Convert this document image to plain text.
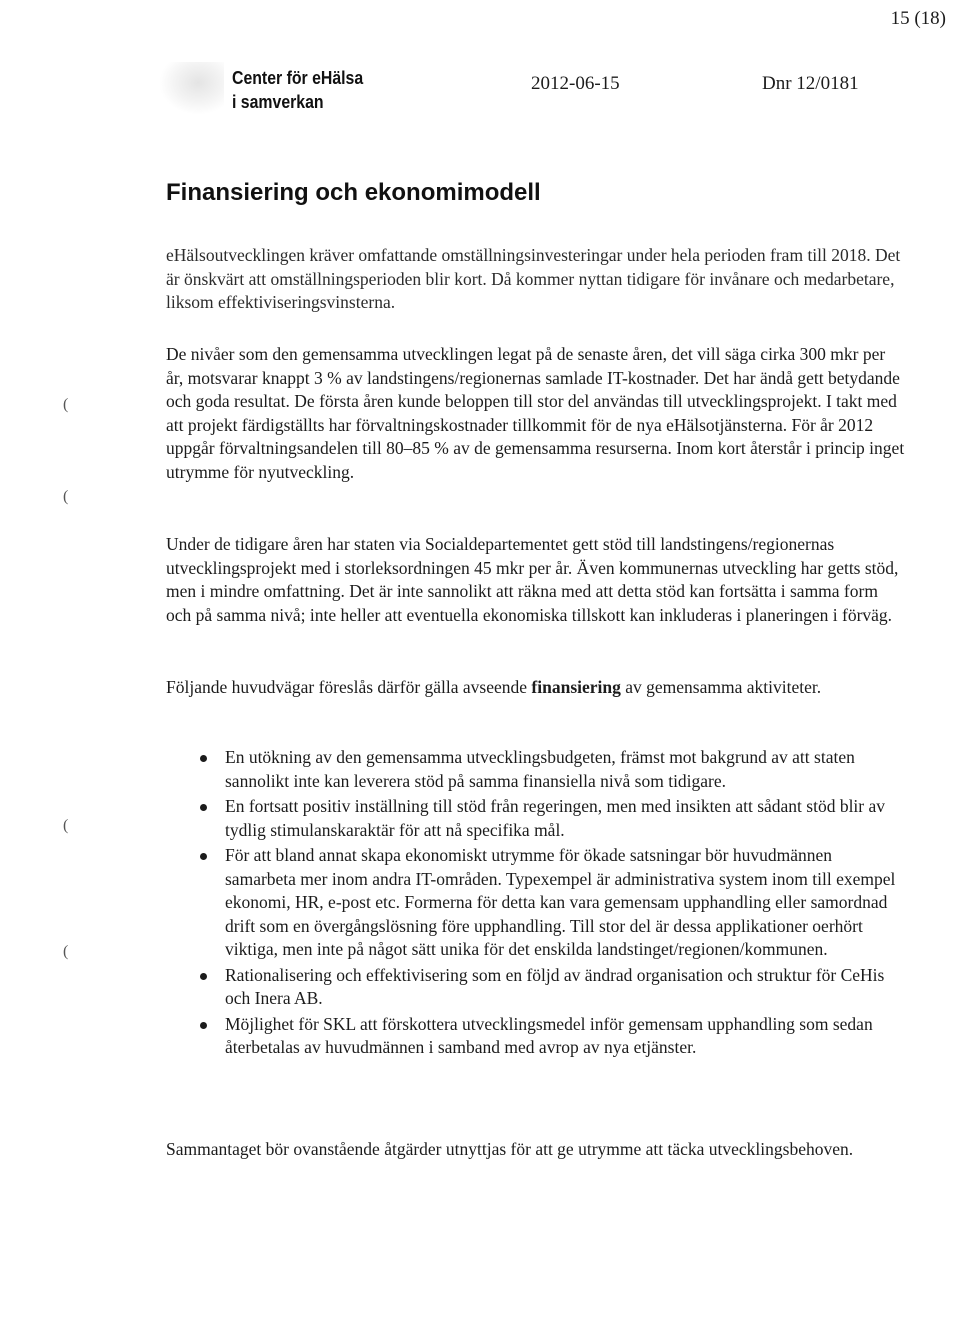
15 (18)
Center för eHälsa
i samverkan
2012-06-15	Dnr 12/0181
Finansiering och ekonomimodell

eHälsoutvecklingen kräver omfattande omställningsinvesteringar under hela perioden fram till 2018. Det är önskvärt att omställningsperioden blir kort. Då kommer nyttan tidigare för invånare och medarbetare, liksom effektiviseringsvinsterna.

De nivåer som den gemensamma utvecklingen legat på de senaste åren, det vill säga cirka 300 mkr per år, motsvarar knappt 3 % av landstingens/regionernas samlade IT-kostnader. Det har ändå gett betydande och goda resultat. De första åren kunde beloppen till stor del användas till utvecklingsprojekt. I takt med att projekt färdigställts har förvaltningskostnader tillkommit för de nya eHälsotjänsterna. För år 2012 uppgår förvaltningsandelen till 80–85 % av de gemensamma resurserna. Inom kort återstår i princip inget utrymme för nyutveckling.

Under de tidigare åren har staten via Socialdepartementet gett stöd till landstingens/regionernas utvecklingsprojekt med i storleksordningen 45 mkr per år. Även kommunernas utveckling har getts stöd, men i mindre omfattning. Det är inte sannolikt att räkna med att detta stöd kan fortsätta i samma form och på samma nivå; inte heller att eventuella ekonomiska tillskott kan inkluderas i planeringen i förväg.

Följande huvudvägar föreslås därför gälla avseende finansiering av gemensamma aktiviteter.

En utökning av den gemensamma utvecklingsbudgeten, främst mot bakgrund av att staten sannolikt inte kan leverera stöd på samma finansiella nivå som tidigare.
En fortsatt positiv inställning till stöd från regeringen, men med insikten att sådant stöd blir av tydlig stimulanskaraktär för att nå specifika mål.
För att bland annat skapa ekonomiskt utrymme för ökade satsningar bör huvudmännen samarbeta mer inom andra IT-områden. Typexempel är administrativa system inom till exempel ekonomi, HR, e-post etc. Formerna för detta kan vara gemensam upphandling eller samordnad drift som en övergångslösning före upphandling. Till stor del är dessa applikationer oerhört viktiga, men inte på något sätt unika för det enskilda landstinget/regionen/kommunen.
Rationalisering och effektivisering som en följd av ändrad organisation och struktur för CeHis och Inera AB.
Möjlighet för SKL att förskottera utvecklingsmedel inför gemensam upphandling som sedan återbetalas av huvudmännen i samband med avrop av nya etjänster.

Sammantaget bör ovanstående åtgärder utnyttjas för att ge utrymme att täcka utvecklingsbehoven.

(
(
(
(
